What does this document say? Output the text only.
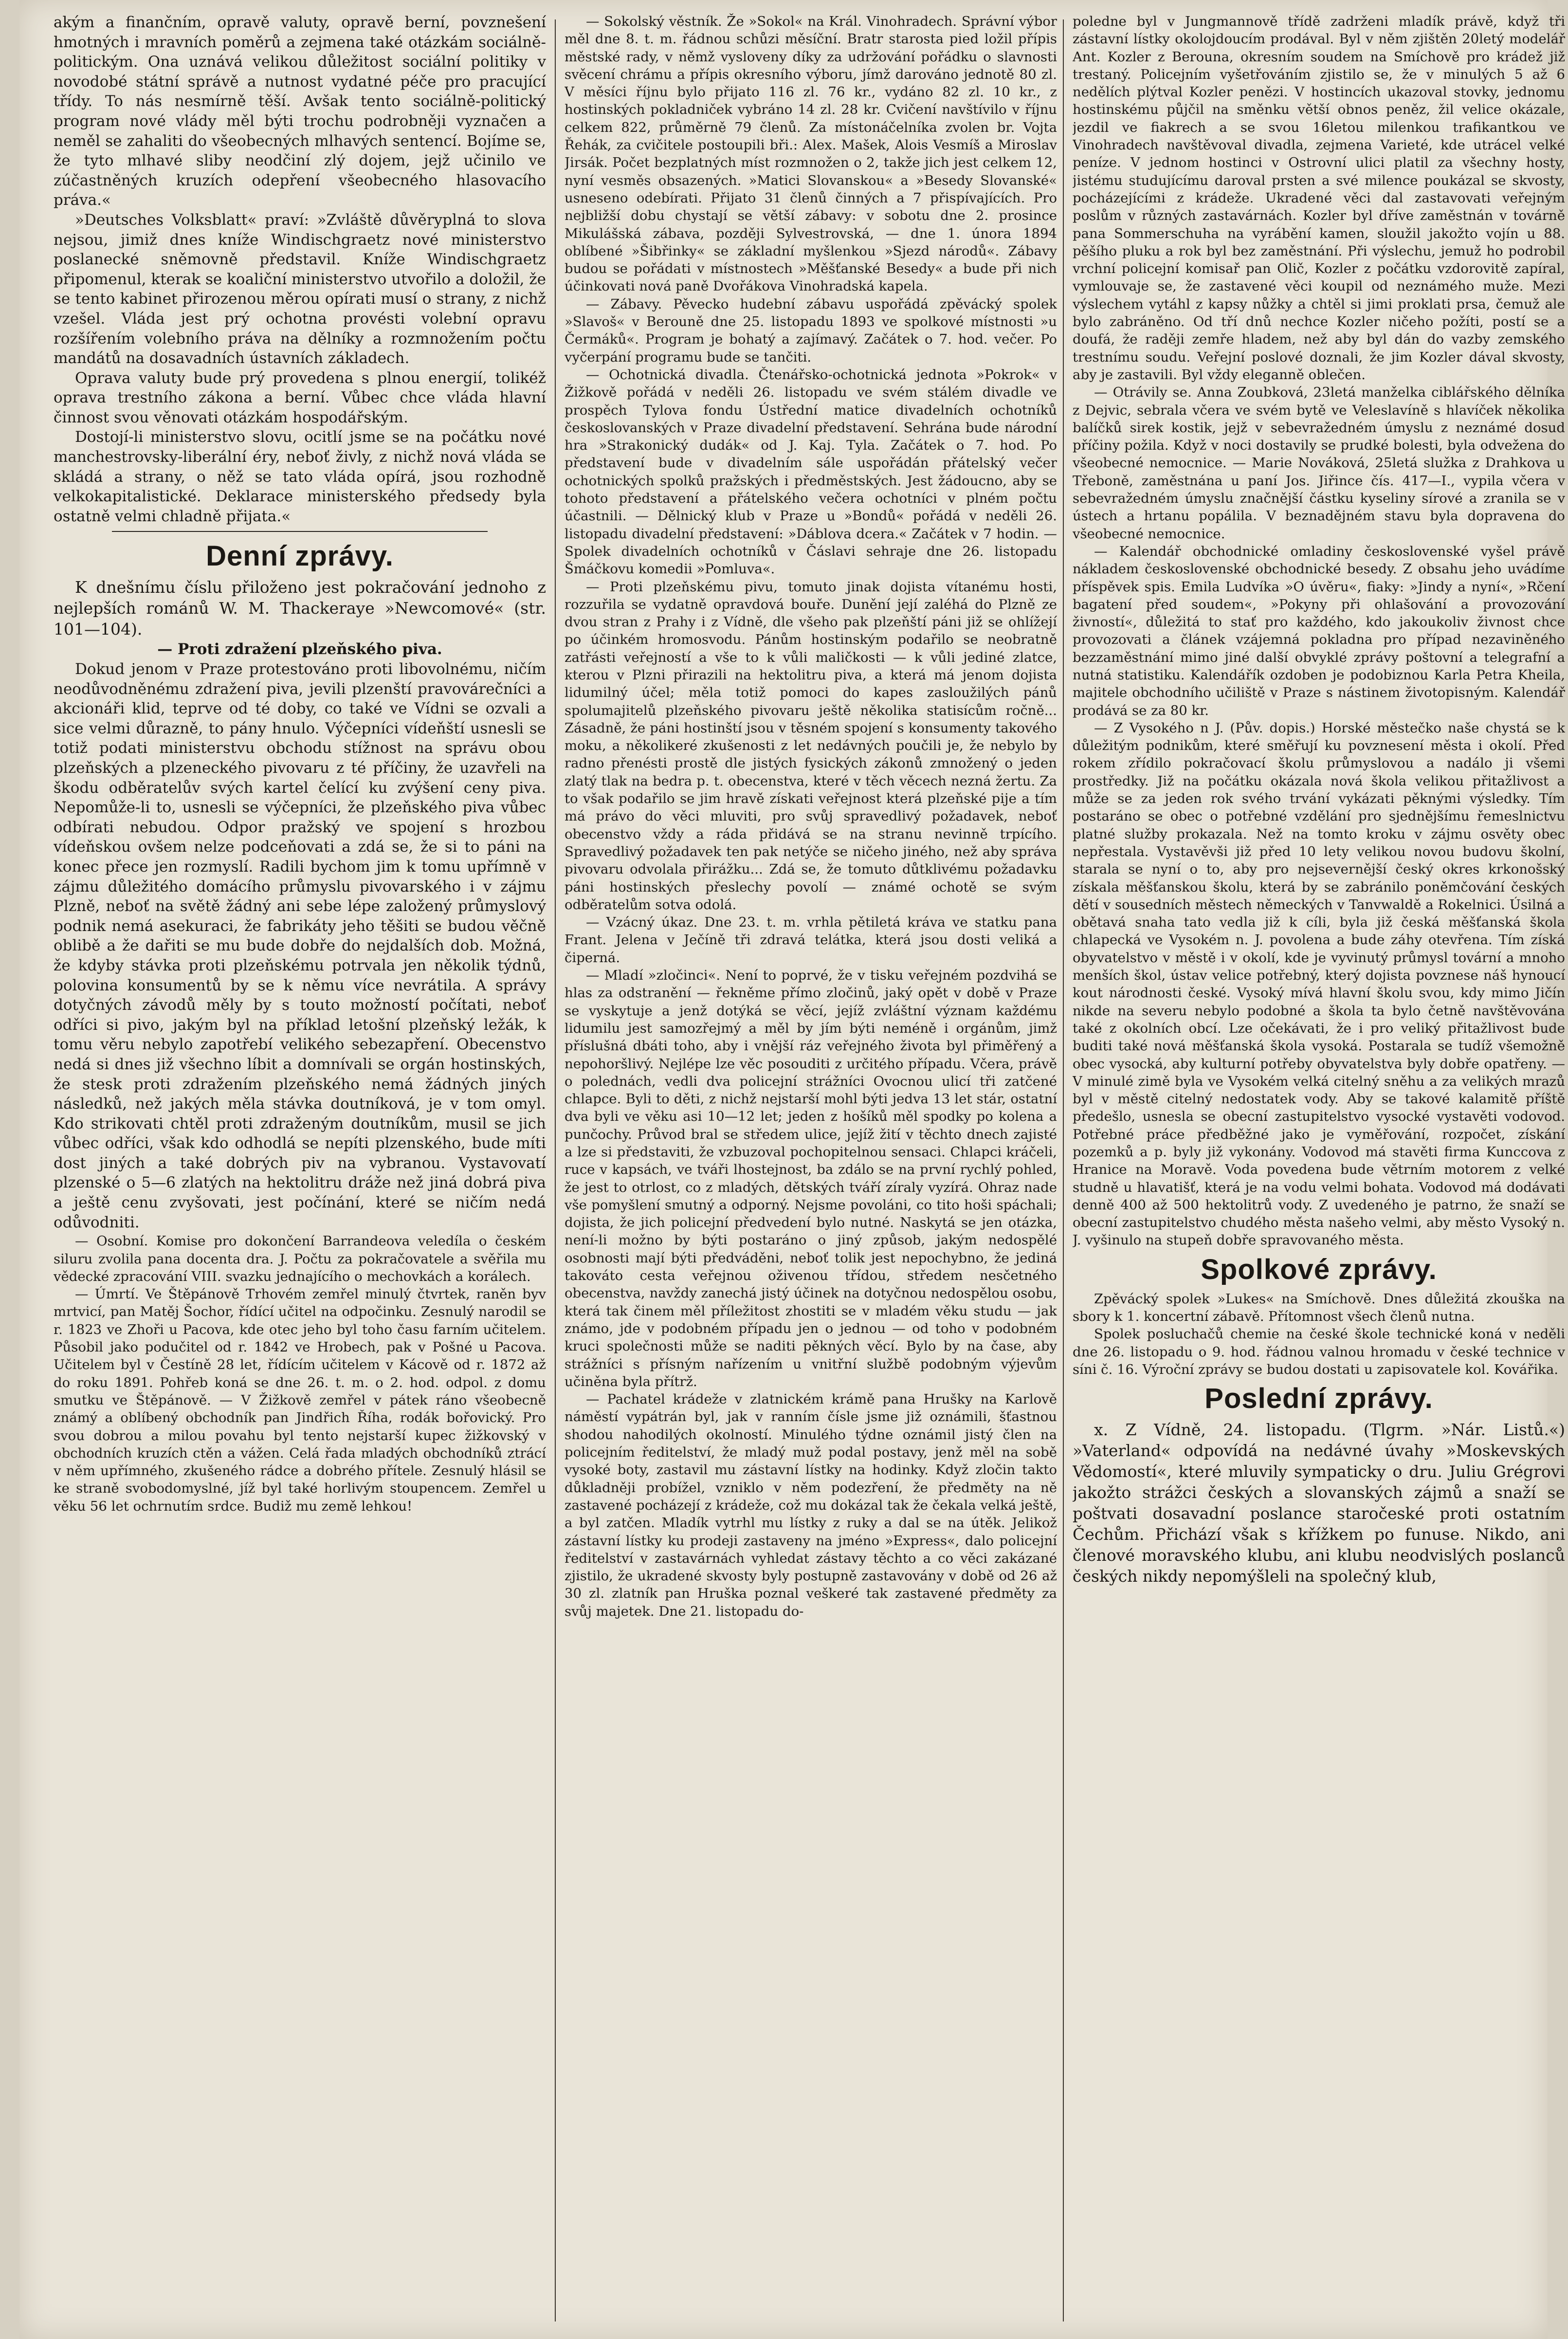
akým a finančním, opravě valuty, opravě berní, povznešení hmotných i mravních poměrů a zejmena také otázkám sociálně-politickým. Ona uznává velikou důležitost sociální politiky v novodobé státní správě a nutnost vydatné péče pro pracující třídy. To nás nesmírně těší. Avšak tento sociálně-politický program nové vlády měl býti trochu podrobněji vyznačen a neměl se zahaliti do všeobecných mlhavých sentencí. Bojíme se, že tyto mlhavé sliby neodčiní zlý dojem, jejž učinilo ve zúčastněných kruzích odepření všeobecného hlasovacího práva.«

»Deutsches Volksblatt« praví: »Zvláště důvěryplná to slova nejsou, jimiž dnes kníže Windischgraetz nové ministerstvo poslanecké sněmovně představil. Kníže Windischgraetz připomenul, kterak se koaliční ministerstvo utvořilo a doložil, že se tento kabinet přirozenou měrou opírati musí o strany, z nichž vzešel. Vláda jest prý ochotna provésti volební opravu rozšířením volebního práva na dělníky a rozmnožením počtu mandátů na dosavadních ústavních základech.

Oprava valuty bude prý provedena s plnou energií, tolikéž oprava trestního zákona a berní. Vůbec chce vláda hlavní činnost svou věnovati otázkám hospodářským.

Dostojí-li ministerstvo slovu, ocitlí jsme se na počátku nové manchestrovsky-liberální éry, neboť živly, z nichž nová vláda se skládá a strany, o něž se tato vláda opírá, jsou rozhodně velkokapitalistické. Deklarace ministerského předsedy byla ostatně velmi chladně přijata.«

Denní zprávy.

K dnešnímu číslu přiloženo jest pokračování jednoho z nejlepších románů W. M. Thackeraye »Newcomové« (str. 101—104).

— Proti zdražení plzeňského piva.

Dokud jenom v Praze protestováno proti libovolnému, ničím neodůvodněnému zdražení piva, jevili plzenští pravovárečníci a akcionáři klid, teprve od té doby, co také ve Vídni se ozvali a sice velmi důrazně, to pány hnulo. Výčepníci vídeňští usnesli se totiž podati ministerstvu obchodu stížnost na správu obou plzeňských a plzeneckého pivovaru z té příčiny, že uzavřeli na škodu odběratelův svých kartel čelící ku zvýšení ceny piva. Nepomůže-li to, usnesli se výčepníci, že plzeňského piva vůbec odbírati nebudou. Odpor pražský ve spojení s hrozbou vídeňskou ovšem nelze podceňovati a zdá se, že si to páni na konec přece jen rozmyslí. Radili bychom jim k tomu upřímně v zájmu důležitého domácího průmyslu pivovarského i v zájmu Plzně, neboť na světě žádný ani sebe lépe založený průmyslový podnik nemá asekuraci, že fabrikáty jeho těšiti se budou věčně oblibě a že dařiti se mu bude dobře do nejdalších dob. Možná, že kdyby stávka proti plzeňskému potrvala jen několik týdnů, polovina konsumentů by se k němu více nevrátila. A správy dotyčných závodů měly by s touto možností počítati, neboť odříci si pivo, jakým byl na příklad letošní plzeňský ležák, k tomu věru nebylo zapotřebí velikého sebezapření. Obecenstvo nedá si dnes již všechno líbit a domnívali se orgán hostinských, že stesk proti zdražením plzeňského nemá žádných jiných následků, než jakých měla stávka doutníková, je v tom omyl. Kdo strikovati chtěl proti zdraženým doutníkům, musil se jich vůbec odříci, však kdo odhodlá se nepíti plzenského, bude míti dost jiných a také dobrých piv na vybranou. Vystavovatí plzenské o 5—6 zlatých na hektolitru dráže než jiná dobrá piva a ještě cenu zvyšovati, jest počínání, které se ničím nedá odůvodniti.

— Osobní. Komise pro dokončení Barrandeova veledíla o českém siluru zvolila pana docenta dra. J. Počtu za pokračovatele a svěřila mu vědecké zpracování VIII. svazku jednajícího o mechovkách a korálech.

— Úmrtí. Ve Štěpánově Trhovém zemřel minulý čtvrtek, raněn byv mrtvicí, pan Matěj Šochor, řídící učitel na odpočinku. Zesnulý narodil se r. 1823 ve Zhoři u Pacova, kde otec jeho byl toho času farním učitelem. Působil jako podučitel od r. 1842 ve Hrobech, pak v Pošné u Pacova. Učitelem byl v Čestíně 28 let, řídícím učitelem v Kácově od r. 1872 až do roku 1891. Pohřeb koná se dne 26. t. m. o 2. hod. odpol. z domu smutku ve Štěpánově. — V Žižkově zemřel v pátek ráno všeobecně známý a oblíbený obchodník pan Jindřich Říha, rodák bořovický. Pro svou dobrou a milou povahu byl tento nejstarší kupec žižkovský v obchodních kruzích ctěn a vážen. Celá řada mladých obchodníků ztrácí v něm upřímného, zkušeného rádce a dobrého přítele. Zesnulý hlásil se ke straně svobodomyslné, jíž byl také horlivým stoupencem. Zemřel u věku 56 let ochrnutím srdce. Budiž mu země lehkou!

— Sokolský věstník. Že »Sokol« na Král. Vinohradech. Správní výbor měl dne 8. t. m. řádnou schůzi měsíční. Bratr starosta pied ložil přípis městské rady, v němž vysloveny díky za udržování pořádku o slavnosti svěcení chrámu a přípis okresního výboru, jímž darováno jednotě 80 zl. V měsíci říjnu bylo přijato 116 zl. 76 kr., vydáno 82 zl. 10 kr., z hostinských pokladniček vybráno 14 zl. 28 kr. Cvičení navštívilo v říjnu celkem 822, průměrně 79 členů. Za místonáčelníka zvolen br. Vojta Řehák, za cvičitele postoupili bři.: Alex. Mašek, Alois Vesmíš a Miroslav Jirsák. Počet bezplatných míst rozmnožen o 2, takže jich jest celkem 12, nyní vesměs obsazených. »Matici Slovanskou« a »Besedy Slovanské« usneseno odebírati. Přijato 31 členů činných a 7 přispívajících. Pro nejbližší dobu chystají se větší zábavy: v sobotu dne 2. prosince Mikulášská zábava, později Sylvestrovská, — dne 1. února 1894 oblíbené »Šibřinky« se základní myšlenkou »Sjezd národů«. Zábavy budou se pořádati v místnostech »Měšťanské Besedy« a bude při nich účinkovati nová paně Dvořákova Vinohradská kapela.

— Zábavy. Pěvecko hudební zábavu uspořádá zpěvácký spolek »Slavoš« v Berouně dne 25. listopadu 1893 ve spolkové místnosti »u Čermáků«. Program je bohatý a zajímavý. Začátek o 7. hod. večer. Po vyčerpání programu bude se tančiti.

— Ochotnická divadla. Čtenářsko-ochotnická jednota »Pokrok« v Žižkově pořádá v neděli 26. listopadu ve svém stálém divadle ve prospěch Tylova fondu Ústřední matice divadelních ochotníků českoslovanských v Praze divadelní představení. Sehrána bude národní hra »Strakonický dudák« od J. Kaj. Tyla. Začátek o 7. hod. Po představení bude v divadelním sále uspořádán přátelský večer ochotnických spolků pražských i předměstských. Jest žádoucno, aby se tohoto představení a přátelského večera ochotníci v plném počtu účastnili. — Dělnický klub v Praze u »Bondů« pořádá v neděli 26. listopadu divadelní představení: »Dáblova dcera.« Začátek v 7 hodin. — Spolek divadelních ochotníků v Čáslavi sehraje dne 26. listopadu Šmáčkovu komedii »Pomluva«.

— Proti plzeňskému pivu, tomuto jinak dojista vítanému hosti, rozzuřila se vydatně opravdová bouře. Dunění její zaléhá do Plzně ze dvou stran z Prahy i z Vídně, dle všeho pak plzeňští páni již se ohlížejí po účinkém hromosvodu. Pánům hostinským podařilo se neobratně zatřásti veřejností a vše to k vůli maličkosti — k vůli jediné zlatce, kterou v Plzni přirazili na hektolitru piva, a která má jenom dojista lidumilný účel; měla totiž pomoci do kapes zasloužilých pánů spolumajitelů plzeňského pivovaru ještě několika statisícům ročně... Zásadně, že páni hostinští jsou v těsném spojení s konsumenty takového moku, a několikeré zkušenosti z let nedávných poučili je, že nebylo by radno přenésti prostě dle jistých fysických zákonů zmnožený o jeden zlatý tlak na bedra p. t. obecenstva, které v těch věcech nezná žertu. Za to však podařilo se jim hravě získati veřejnost která plzeňské pije a tím má právo do věci mluviti, pro svůj spravedlivý požadavek, neboť obecenstvo vždy a ráda přidává se na stranu nevinně trpícího. Spravedlivý požadavek ten pak netýče se ničeho jiného, než aby správa pivovaru odvolala přirážku... Zdá se, že tomuto důtklivému požadavku páni hostinských přeslechy povolí — známé ochotě se svým odběratelům sotva odolá.

— Vzácný úkaz. Dne 23. t. m. vrhla pětiletá kráva ve statku pana Frant. Jelena v Ječíně tři zdravá telátka, která jsou dosti veliká a čiperná.

— Mladí »zločinci«. Není to poprvé, že v tisku veřejném pozdvihá se hlas za odstranění — řekněme přímo zločinů, jaký opět v době v Praze se vyskytuje a jenž dotýká se věcí, jejíž zvláštní význam každému lidumilu jest samozřejmý a měl by jím býti neméně i orgánům, jimž příslušná dbáti toho, aby i vnější ráz veřejného života byl přiměřený a nepohoršlivý. Nejlépe lze věc posouditi z určitého případu. Včera, právě o polednách, vedli dva policejní strážníci Ovocnou ulicí tři zatčené chlapce. Byli to děti, z nichž nejstarší mohl býti jedva 13 let stár, ostatní dva byli ve věku asi 10—12 let; jeden z hošíků měl spodky po kolena a punčochy. Průvod bral se středem ulice, jejíž žití v těchto dnech zajisté a lze si představiti, že vzbuzoval pochopitelnou sensaci. Chlapci kráčeli, ruce v kapsách, ve tváři lhostejnost, ba zdálo se na první rychlý pohled, že jest to otrlost, co z mladých, dětských tváří zíraly vyzírá. Ohraz nade vše pomyšlení smutný a odporný. Nejsme povoláni, co tito hoši spáchali; dojista, že jich policejní předvedení bylo nutné. Naskytá se jen otázka, není-li možno by býti postaráno o jiný způsob, jakým nedospělé osobnosti mají býti předváděni, neboť tolik jest nepochybno, že jediná takováto cesta veřejnou oživenou třídou, středem nesčetného obecenstva, navždy zanechá jistý účinek na dotyčnou nedospělou osobu, která tak činem měl příležitost zhostiti se v mladém věku studu — jak známo, jde v podobném případu jen o jednou — od toho v podobném kruci společnosti může se naditi pěkných věcí. Bylo by na čase, aby strážníci s přísným nařízením u vnitřní službě podobným výjevům učiněna byla přítrž.

— Pachatel krádeže v zlatnickém krámě pana Hrušky na Karlově náměstí vypátrán byl, jak v ranním čísle jsme již oznámili, šťastnou shodou nahodilých okolností. Minulého týdne oznámil jistý člen na policejním ředitelství, že mladý muž podal postavy, jenž měl na sobě vysoké boty, zastavil mu zástavní lístky na hodinky. Když zločin takto důkladněji probížel, vzniklo v něm podezření, že předměty na ně zastavené pocházejí z krádeže, což mu dokázal tak že čekala velká ještě, a byl zatčen. Mladík vytrhl mu lístky z ruky a dal se na útěk. Jelikož zástavní lístky ku prodeji zastaveny na jméno »Express«, dalo policejní ředitelství v zastavárnách vyhledat zástavy těchto a co věci zakázané zjistilo, že ukradené skvosty byly postupně zastavovány v době od 26 až 30 zl. zlatník pan Hruška poznal veškeré tak zastavené předměty za svůj majetek. Dne 21. listopadu do-

poledne byl v Jungmannově třídě zadrženi mladík právě, když tři zástavní lístky okolojdoucím prodával. Byl v něm zjištěn 20letý modelář Ant. Kozler z Berouna, okresním soudem na Smíchově pro krádež již trestaný. Policejním vyšetřováním zjistilo se, že v minulých 5 až 6 nedělích plýtval Kozler penězi. V hostincích ukazoval stovky, jednomu hostinskému půjčil na směnku větší obnos peněz, žil velice okázale, jezdil ve fiakrech a se svou 16letou milenkou trafikantkou ve Vinohradech navštěvoval divadla, zejmena Varieté, kde utrácel velké peníze. V jednom hostinci v Ostrovní ulici platil za všechny hosty, jistému studujícímu daroval prsten a své milence poukázal se skvosty, pocházejícími z krádeže. Ukradené věci dal zastavovati veřejným poslům v různých zastavárnách. Kozler byl dříve zaměstnán v továrně pana Sommerschuha na vyrábění kamen, sloužil jakožto vojín u 88. pěšího pluku a rok byl bez zaměstnání. Při výslechu, jemuž ho podrobil vrchní policejní komisař pan Olič, Kozler z počátku vzdorovitě zapíral, vymlouvaje se, že zastavené věci koupil od neznámého muže. Mezi výslechem vytáhl z kapsy nůžky a chtěl si jimi proklati prsa, čemuž ale bylo zabráněno. Od tří dnů nechce Kozler ničeho požíti, postí se a doufá, že raději zemře hladem, než aby byl dán do vazby zemského trestnímu soudu. Veřejní poslové doznali, že jim Kozler dával skvosty, aby je zastavili. Byl vždy eleganně oblečen.

— Otrávily se. Anna Zoubková, 23letá manželka ciblářského dělníka z Dejvic, sebrala včera ve svém bytě ve Veleslavíně s hlavíček několika balíčků sirek kostik, jejž v sebevražedném úmyslu z neznámé dosud příčiny požila. Když v noci dostavily se prudké bolesti, byla odvežena do všeobecné nemocnice. — Marie Nováková, 25letá služka z Drahkova u Třeboně, zaměstnána u paní Jos. Jiřince čís. 417—I., vypila včera v sebevražedném úmyslu značnější částku kyseliny sírové a zranila se v ústech a hrtanu popálila. V beznadějném stavu byla dopravena do všeobecné nemocnice.

— Kalendář obchodnické omladiny československé vyšel právě nákladem československé obchodnické besedy. Z obsahu jeho uvádíme příspěvek spis. Emila Ludvíka »O úvěru«, fiaky: »Jindy a nyní«, »Rčení bagatení před soudem«, »Pokyny při ohlašování a provozování živností«, důležitá to stať pro každého, kdo jakoukoliv živnost chce provozovati a článek vzájemná pokladna pro případ nezaviněného bezzaměstnání mimo jiné další obvyklé zprávy poštovní a telegrafní a nutná statistiku. Kalendářík ozdoben je podobiznou Karla Petra Kheila, majitele obchodního učiliště v Praze s nástinem životopisným. Kalendář prodává se za 80 kr.

— Z Vysokého n J. (Pův. dopis.) Horské městečko naše chystá se k důležitým podnikům, které směřují ku povznesení města i okolí. Před rokem zřídilo pokračovací školu průmyslovou a nadálo ji všemi prostředky. Již na počátku okázala nová škola velikou přitažlivost a může se za jeden rok svého trvání vykázati pěknými výsledky. Tím postaráno se obec o potřebné vzdělání pro sjednějšímu řemeslnictvu platné služby prokazala. Než na tomto kroku v zájmu osvěty obec nepřestala. Vystavěvši již před 10 lety velikou novou budovu školní, starala se nyní o to, aby pro nejsevernější český okres krkonošský získala měšťanskou školu, která by se zabránilo poněmčování českých dětí v sousedních městech německých v Tanvwaldě a Rokelnici. Úsilná a obětavá snaha tato vedla již k cíli, byla již česká měšťanská škola chlapecká ve Vysokém n. J. povolena a bude záhy otevřena. Tím získá obyvatelstvo v městě i v okolí, kde je vyvinutý průmysl tovární a mnoho menších škol, ústav velice potřebný, který dojista povznese náš hynoucí kout národnosti české. Vysoký mívá hlavní školu svou, kdy mimo Jičín nikde na severu nebylo podobné a škola ta bylo četně navštěvována také z okolních obcí. Lze očekávati, že i pro veliký přitažlivost bude buditi také nová měšťanská škola vysoká. Postarala se tudíž všemožně obec vysocká, aby kulturní potřeby obyvatelstva byly dobře opatřeny. — V minulé zimě byla ve Vysokém velká citelný sněhu a za velikých mrazů byl v městě citelný nedostatek vody. Aby se takové kalamitě příště předešlo, usnesla se obecní zastupitelstvo vysocké vystavěti vodovod. Potřebné práce předběžné jako je vyměřování, rozpočet, získání pozemků a p. byly již vykonány. Vodovod má stavěti firma Kunccova z Hranice na Moravě. Voda povedena bude větrním motorem z velké studně u hlavatišť, která je na vodu velmi bohata. Vodovod má dodávati denně 400 až 500 hektolitrů vody. Z uvedeného je patrno, že snaží se obecní zastupitelstvo chudého města našeho velmi, aby město Vysoký n. J. vyšinulo na stupeň dobře spravovaného města.

Spolkové zprávy.

Zpěvácký spolek »Lukes« na Smíchově. Dnes důležitá zkouška na sbory k 1. koncertní zábavě. Přítomnost všech členů nutna.

Spolek posluchačů chemie na české škole technické koná v neděli dne 26. listopadu o 9. hod. řádnou valnou hromadu v české technice v síni č. 16. Výroční zprávy se budou dostati u zapisovatele kol. Kovářika.

Poslední zprávy.

x. Z Vídně, 24. listopadu. (Tlgrm. »Nár. Listů.«) »Vaterland« odpovídá na nedávné úvahy »Moskevských Vědomostí«, které mluvily sympaticky o dru. Juliu Grégrovi jakožto strážci českých a slovanských zájmů a snaží se poštvati dosavadní poslance staročeské proti ostatním Čechům. Přichází však s křížkem po funuse. Nikdo, ani členové moravského klubu, ani klubu neodvislých poslanců českých nikdy nepomýšleli na společný klub,
